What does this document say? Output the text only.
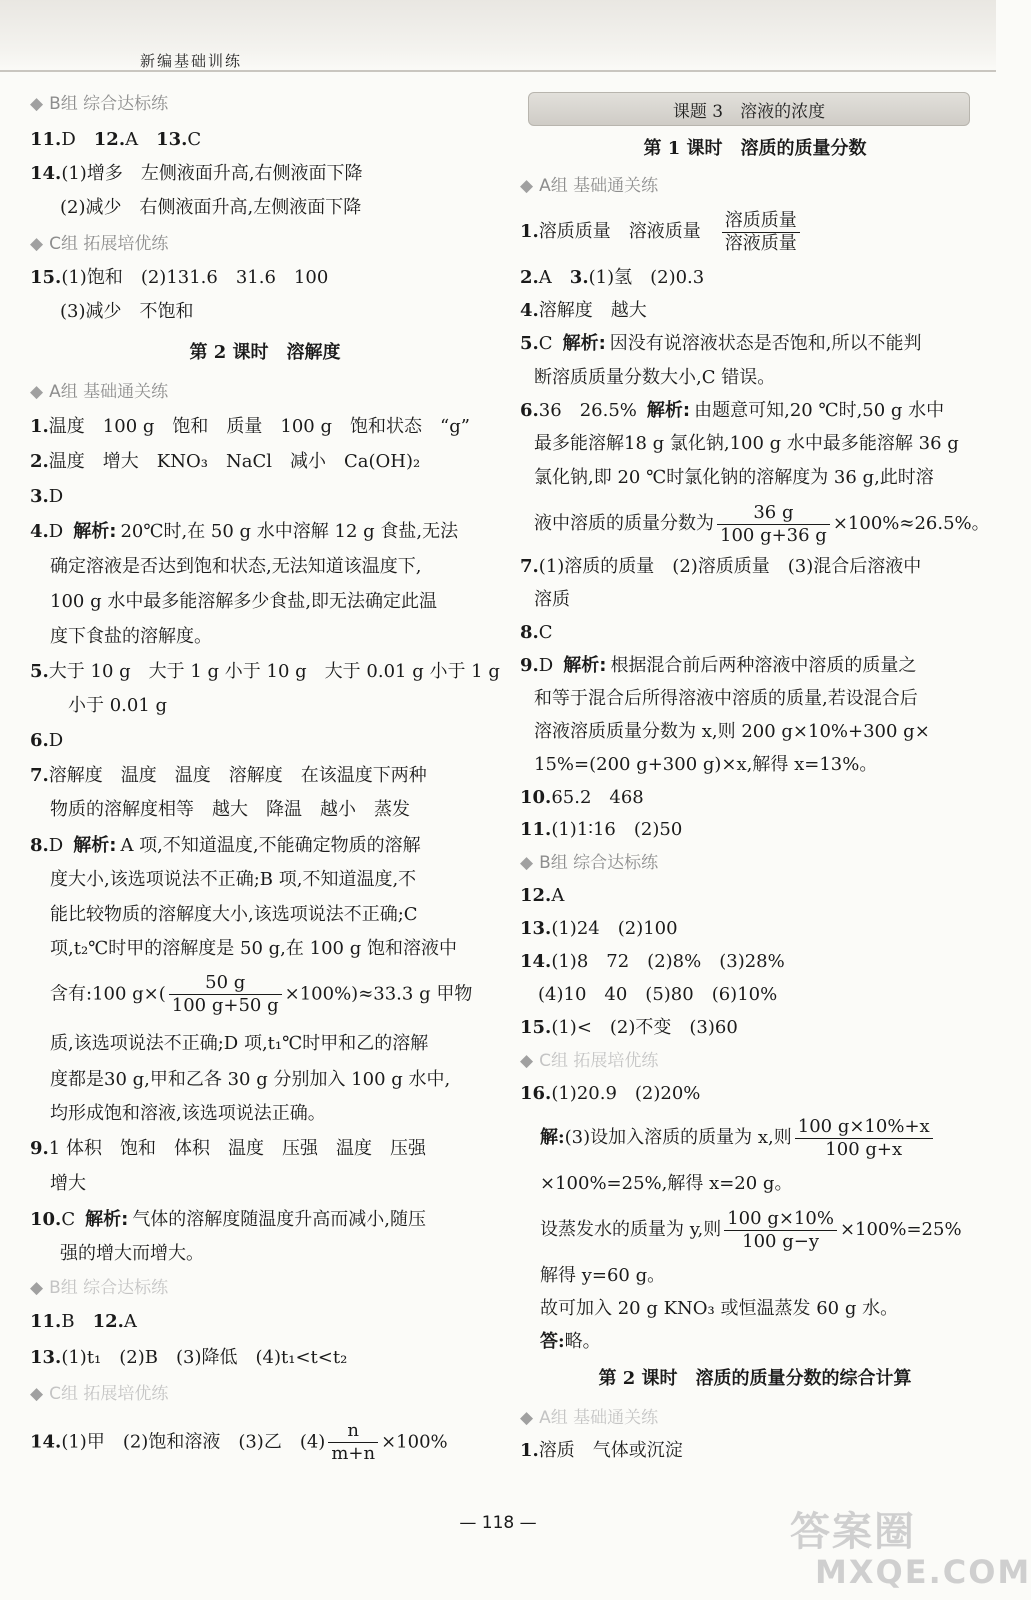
新编基础训练
◆ B组 综合达标练
11.D　 12.A　 13.C
14.(1)增多　左侧液面升高,右侧液面下降
(2)减少　右侧液面升高,左侧液面下降
◆ C组 拓展培优练
15.(1)饱和　(2)131.6　31.6　100
(3)减少　不饱和
第 2 课时　溶解度
◆ A组 基础通关练
1.温度　100 g　饱和　质量　100 g　饱和状态　“g”
2.温度　增大　KNO₃　NaCl　减小　Ca(OH)₂
3.D
4.D 解析: 20℃时,在 50 g 水中溶解 12 g 食盐,无法
确定溶液是否达到饱和状态,无法知道该温度下,
100 g 水中最多能溶解多少食盐,即无法确定此温
度下食盐的溶解度。
5.大于 10 g　大于 1 g 小于 10 g　大于 0.01 g 小于 1 g
小于 0.01 g
6.D
7.溶解度　温度　温度　溶解度　在该温度下两种
物质的溶解度相等　越大　降温　越小　蒸发
8.D 解析: A 项,不知道温度,不能确定物质的溶解
度大小,该选项说法不正确;B 项,不知道温度,不
能比较物质的溶解度大小,该选项说法不正确;C
项,t₂℃时甲的溶解度是 50 g,在 100 g 饱和溶液中
含有:100 $g\times( \frac{50 g}{100 g+50 g} \times 100\%)\approx 33.3$ g 甲物
质,该选项说法不正确;D 项,t₁℃时甲和乙的溶解
度都是30 g,甲和乙各 30 g 分别加入 100 g 水中,
均形成饱和溶液,该选项说法正确。
9.1 体积　饱和　体积　温度　压强　温度　压强
增大
10.C 解析: 气体的溶解度随温度升高而减小,随压
强的增大而增大。
◆ B组 综合达标练
11.B　 12.A
13.(1)t₁　(2)B　(3)降低　(4)t₁<t<t₂
◆ C组 拓展培优练
14.(1)甲　(2)饱和溶液　(3)乙　$(4) \frac{n}{m+n} \times 100\%$
课题 3　溶液的浓度
第 1 课时　溶质的质量分数
◆ A组 基础通关练
1.溶质质量　溶液质量　 $\frac{\text{溶质质量}}{\text{溶液质量}}$
2.A　 3.(1)氢　(2)0.3
4.溶解度　越大
5.C 解析: 因没有说溶液状态是否饱和,所以不能判
断溶质质量分数大小,C 错误。
6.36　26.5% 解析: 由题意可知,20 ℃时,50 g 水中
最多能溶解18 g 氯化钠,100 g 水中最多能溶解 36 g
氯化钠,即 20 ℃时氯化钠的溶解度为 36 g,此时溶
液中溶质的质量分数为 $\frac{36 g}{100 g+36 g} \times 100\%\approx 26.5\%$。
7.(1)溶质的质量　(2)溶质质量　(3)混合后溶液中
溶质
8.C
9.D 解析: 根据混合前后两种溶液中溶质的质量之
和等于混合后所得溶液中溶质的质量,若设混合后
溶液溶质质量分数为 x,则 200 g×10%+300 g×
15%=(200 g+300 g)×x,解得 x=13%。
10.65.2　468
11.(1)1∶16　(2)50
◆ B组 综合达标练
12.A
13.(1)24　(2)100
14.(1)8　72　(2)8%　(3)28%
(4)10　40　(5)80　(6)10%
15.(1)<　(2)不变　(3)60
◆ C组 拓展培优练
16.(1)20.9　(2)20%
解:(3)设加入溶质的质量为 x,则 $\frac{100 g\times 10\%+x}{100 g+x}$
×100%=25%,解得 x=20 g。
设蒸发水的质量为 y,则 $\frac{100 g\times 10\%}{100 g-y} \times 100\%=25\%$
解得 y=60 g。
故可加入 20 g KNO₃ 或恒温蒸发 60 g 水。
答:略。
第 2 课时　溶质的质量分数的综合计算
◆ A组 基础通关练
1.溶质　气体或沉淀
— 118 —	答案圈
MXQE.COM
